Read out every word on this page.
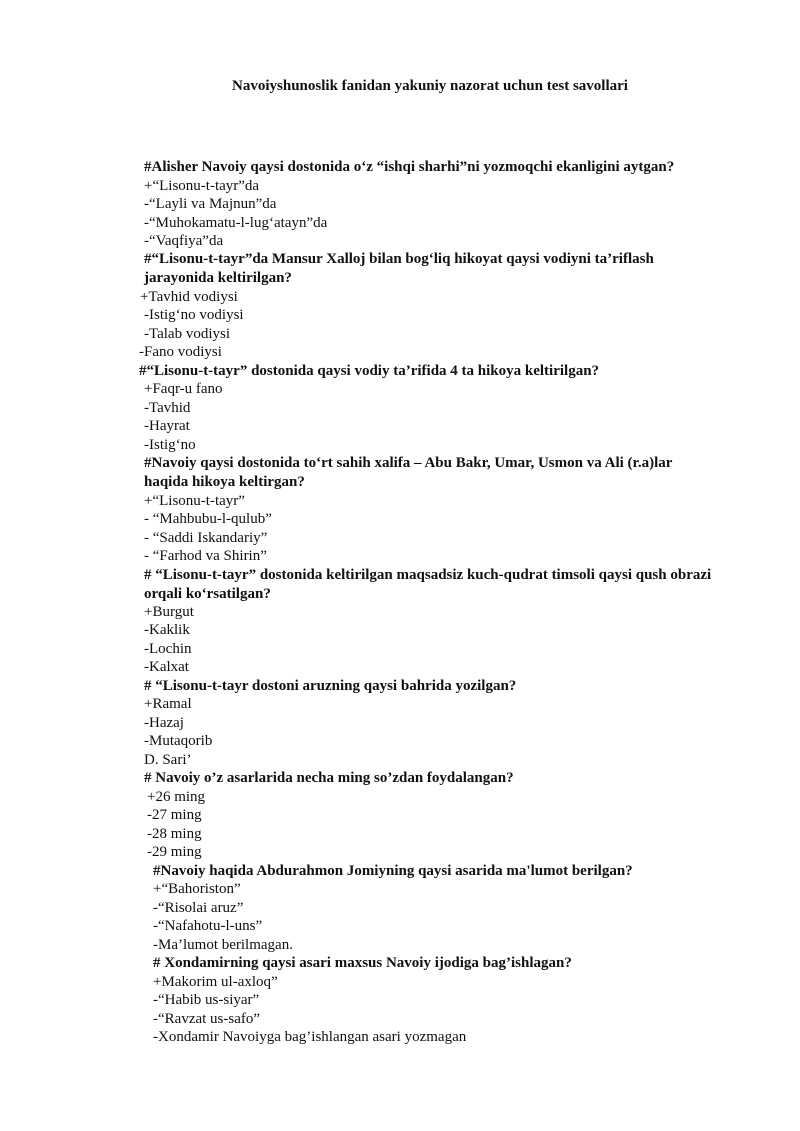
Navoiyshunoslik fanidan yakuniy nazorat uchun test savollari
#Alisher Navoiy qaysi dostonida o‘z “ishqi sharhi”ni yozmoqchi ekanligini aytgan?
+“Lisonu-t-tayr”da
-“Layli va Majnun”da
-“Muhokamatu-l-lug‘atayn”da
-“Vaqfiya”da
#“Lisonu-t-tayr”da Mansur Xalloj bilan bog‘liq hikoyat qaysi vodiyni ta’riflash jarayonida keltirilgan?
+Tavhid vodiysi
-Istig‘no vodiysi
-Talab vodiysi
-Fano vodiysi
#“Lisonu-t-tayr” dostonida qaysi vodiy ta’rifida 4 ta hikoya keltirilgan?
+Faqr-u fano
-Tavhid
-Hayrat
-Istig‘no
#Navoiy qaysi dostonida to‘rt sahih xalifa – Abu Bakr, Umar, Usmon va Ali (r.a)lar haqida hikoya keltirgan?
+“Lisonu-t-tayr”
- “Mahbubu-l-qulub”
- “Saddi Iskandariy”
- “Farhod va Shirin”
# “Lisonu-t-tayr” dostonida keltirilgan maqsadsiz kuch-qudrat timsoli qaysi qush obrazi orqali ko‘rsatilgan?
+Burgut
-Kaklik
-Lochin
-Kalxat
# “Lisonu-t-tayr dostoni aruzning qaysi bahrida yozilgan?
+Ramal
-Hazaj
-Mutaqorib
D. Sari’
# Navoiy o’z asarlarida necha ming so’zdan foydalangan?
+26 ming
-27 ming
-28 ming
-29 ming
#Navoiy haqida Abdurahmon Jomiyning qaysi asarida ma'lumot berilgan?
+“Bahoriston”
-“Risolai aruz”
-“Nafahotu-l-uns”
-Ma’lumot berilmagan.
# Xondamirning qaysi asari maxsus Navoiy ijodiga bag’ishlagan?
+Makorim ul-axloq”
-“Habib us-siyar”
-“Ravzat us-safo”
-Xondamir Navoiyga bag’ishlangan asari yozmagan
